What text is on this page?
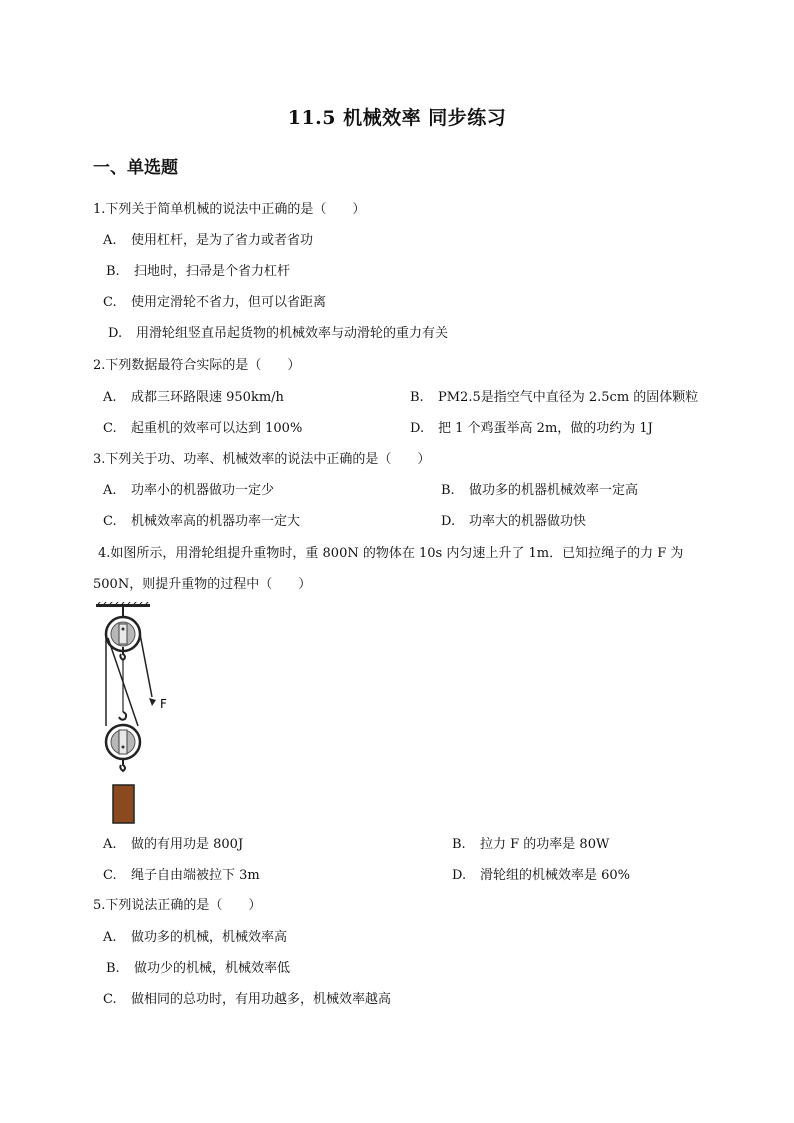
11.5 机械效率 同步练习
一、单选题
1.下列关于简单机械的说法中正确的是（　　）
A. 使用杠杆，是为了省力或者省功
B. 扫地时，扫帚是个省力杠杆
C. 使用定滑轮不省力，但可以省距离
D. 用滑轮组竖直吊起货物的机械效率与动滑轮的重力有关
2.下列数据最符合实际的是（　　）
A. 成都三环路限速 950km/h	B. PM2.5是指空气中直径为 2.5cm 的固体颗粒
C. 起重机的效率可以达到 100%	D. 把 1 个鸡蛋举高 2m，做的功约为 1J
3.下列关于功、功率、机械效率的说法中正确的是（　　）
A. 功率小的机器做功一定少	B. 做功多的机器机械效率一定高
C. 机械效率高的机器功率一定大	D. 功率大的机器做功快
4.如图所示，用滑轮组提升重物时，重 800N 的物体在 10s 内匀速上升了 1m．已知拉绳子的力 F 为
500N，则提升重物的过程中（　　）
F
A. 做的有用功是 800J	B. 拉力 F 的功率是 80W
C. 绳子自由端被拉下 3m	D. 滑轮组的机械效率是 60%
5.下列说法正确的是（　　）
A. 做功多的机械，机械效率高
B. 做功少的机械，机械效率低
C. 做相同的总功时，有用功越多，机械效率越高
